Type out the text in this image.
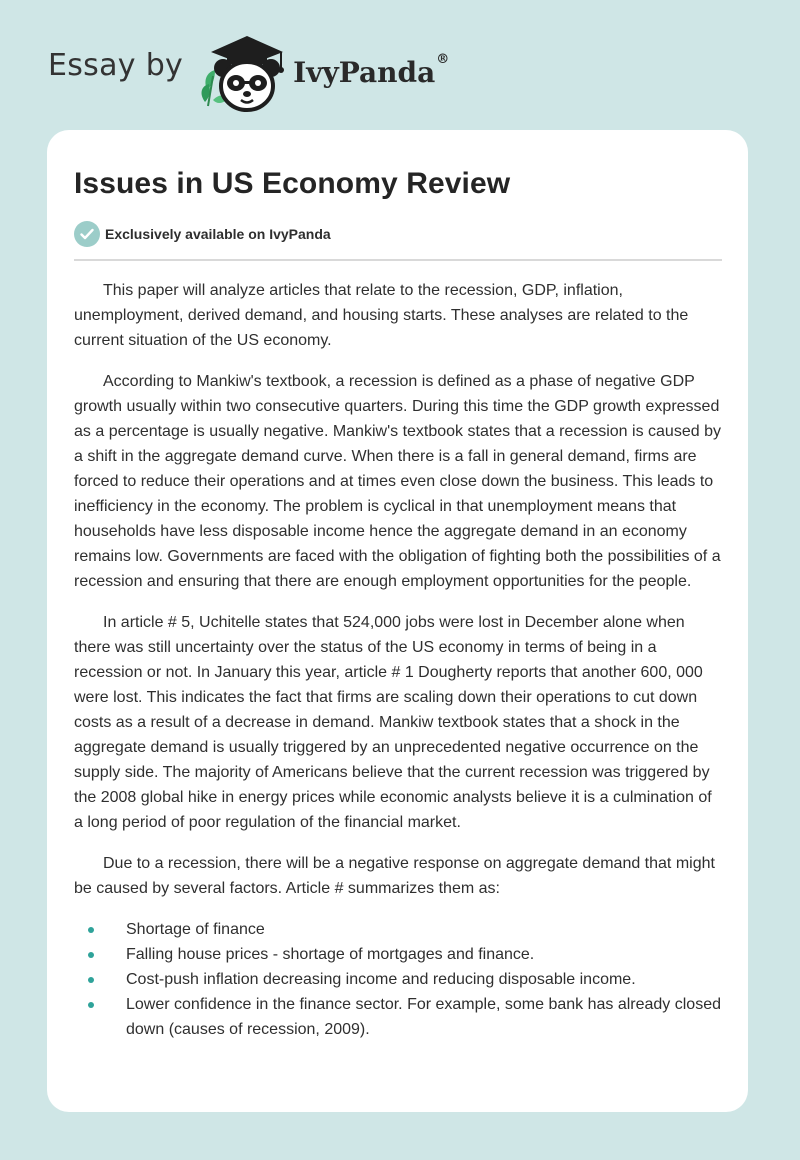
Essay by	IvyPanda®
Issues in US Economy Review
Exclusively available on IvyPanda

This paper will analyze articles that relate to the recession, GDP, inflation, unemployment, derived demand, and housing starts. These analyses are related to the current situation of the US economy.

According to Mankiw's textbook, a recession is defined as a phase of negative GDP growth usually within two consecutive quarters. During this time the GDP growth expressed as a percentage is usually negative. Mankiw's textbook states that a recession is caused by a shift in the aggregate demand curve. When there is a fall in general demand, firms are forced to reduce their operations and at times even close down the business. This leads to inefficiency in the economy. The problem is cyclical in that unemployment means that households have less disposable income hence the aggregate demand in an economy remains low. Governments are faced with the obligation of fighting both the possibilities of a recession and ensuring that there are enough employment opportunities for the people.

In article # 5, Uchitelle states that 524,000 jobs were lost in December alone when there was still uncertainty over the status of the US economy in terms of being in a recession or not. In January this year, article # 1 Dougherty reports that another 600, 000 were lost. This indicates the fact that firms are scaling down their operations to cut down costs as a result of a decrease in demand. Mankiw textbook states that a shock in the aggregate demand is usually triggered by an unprecedented negative occurrence on the supply side. The majority of Americans believe that the current recession was triggered by the 2008 global hike in energy prices while economic analysts believe it is a culmination of a long period of poor regulation of the financial market.

Due to a recession, there will be a negative response on aggregate demand that might be caused by several factors. Article # summarizes them as:

Shortage of finance
Falling house prices - shortage of mortgages and finance.
Cost-push inflation decreasing income and reducing disposable income.
Lower confidence in the finance sector. For example, some bank has already closed down (causes of recession, 2009).
